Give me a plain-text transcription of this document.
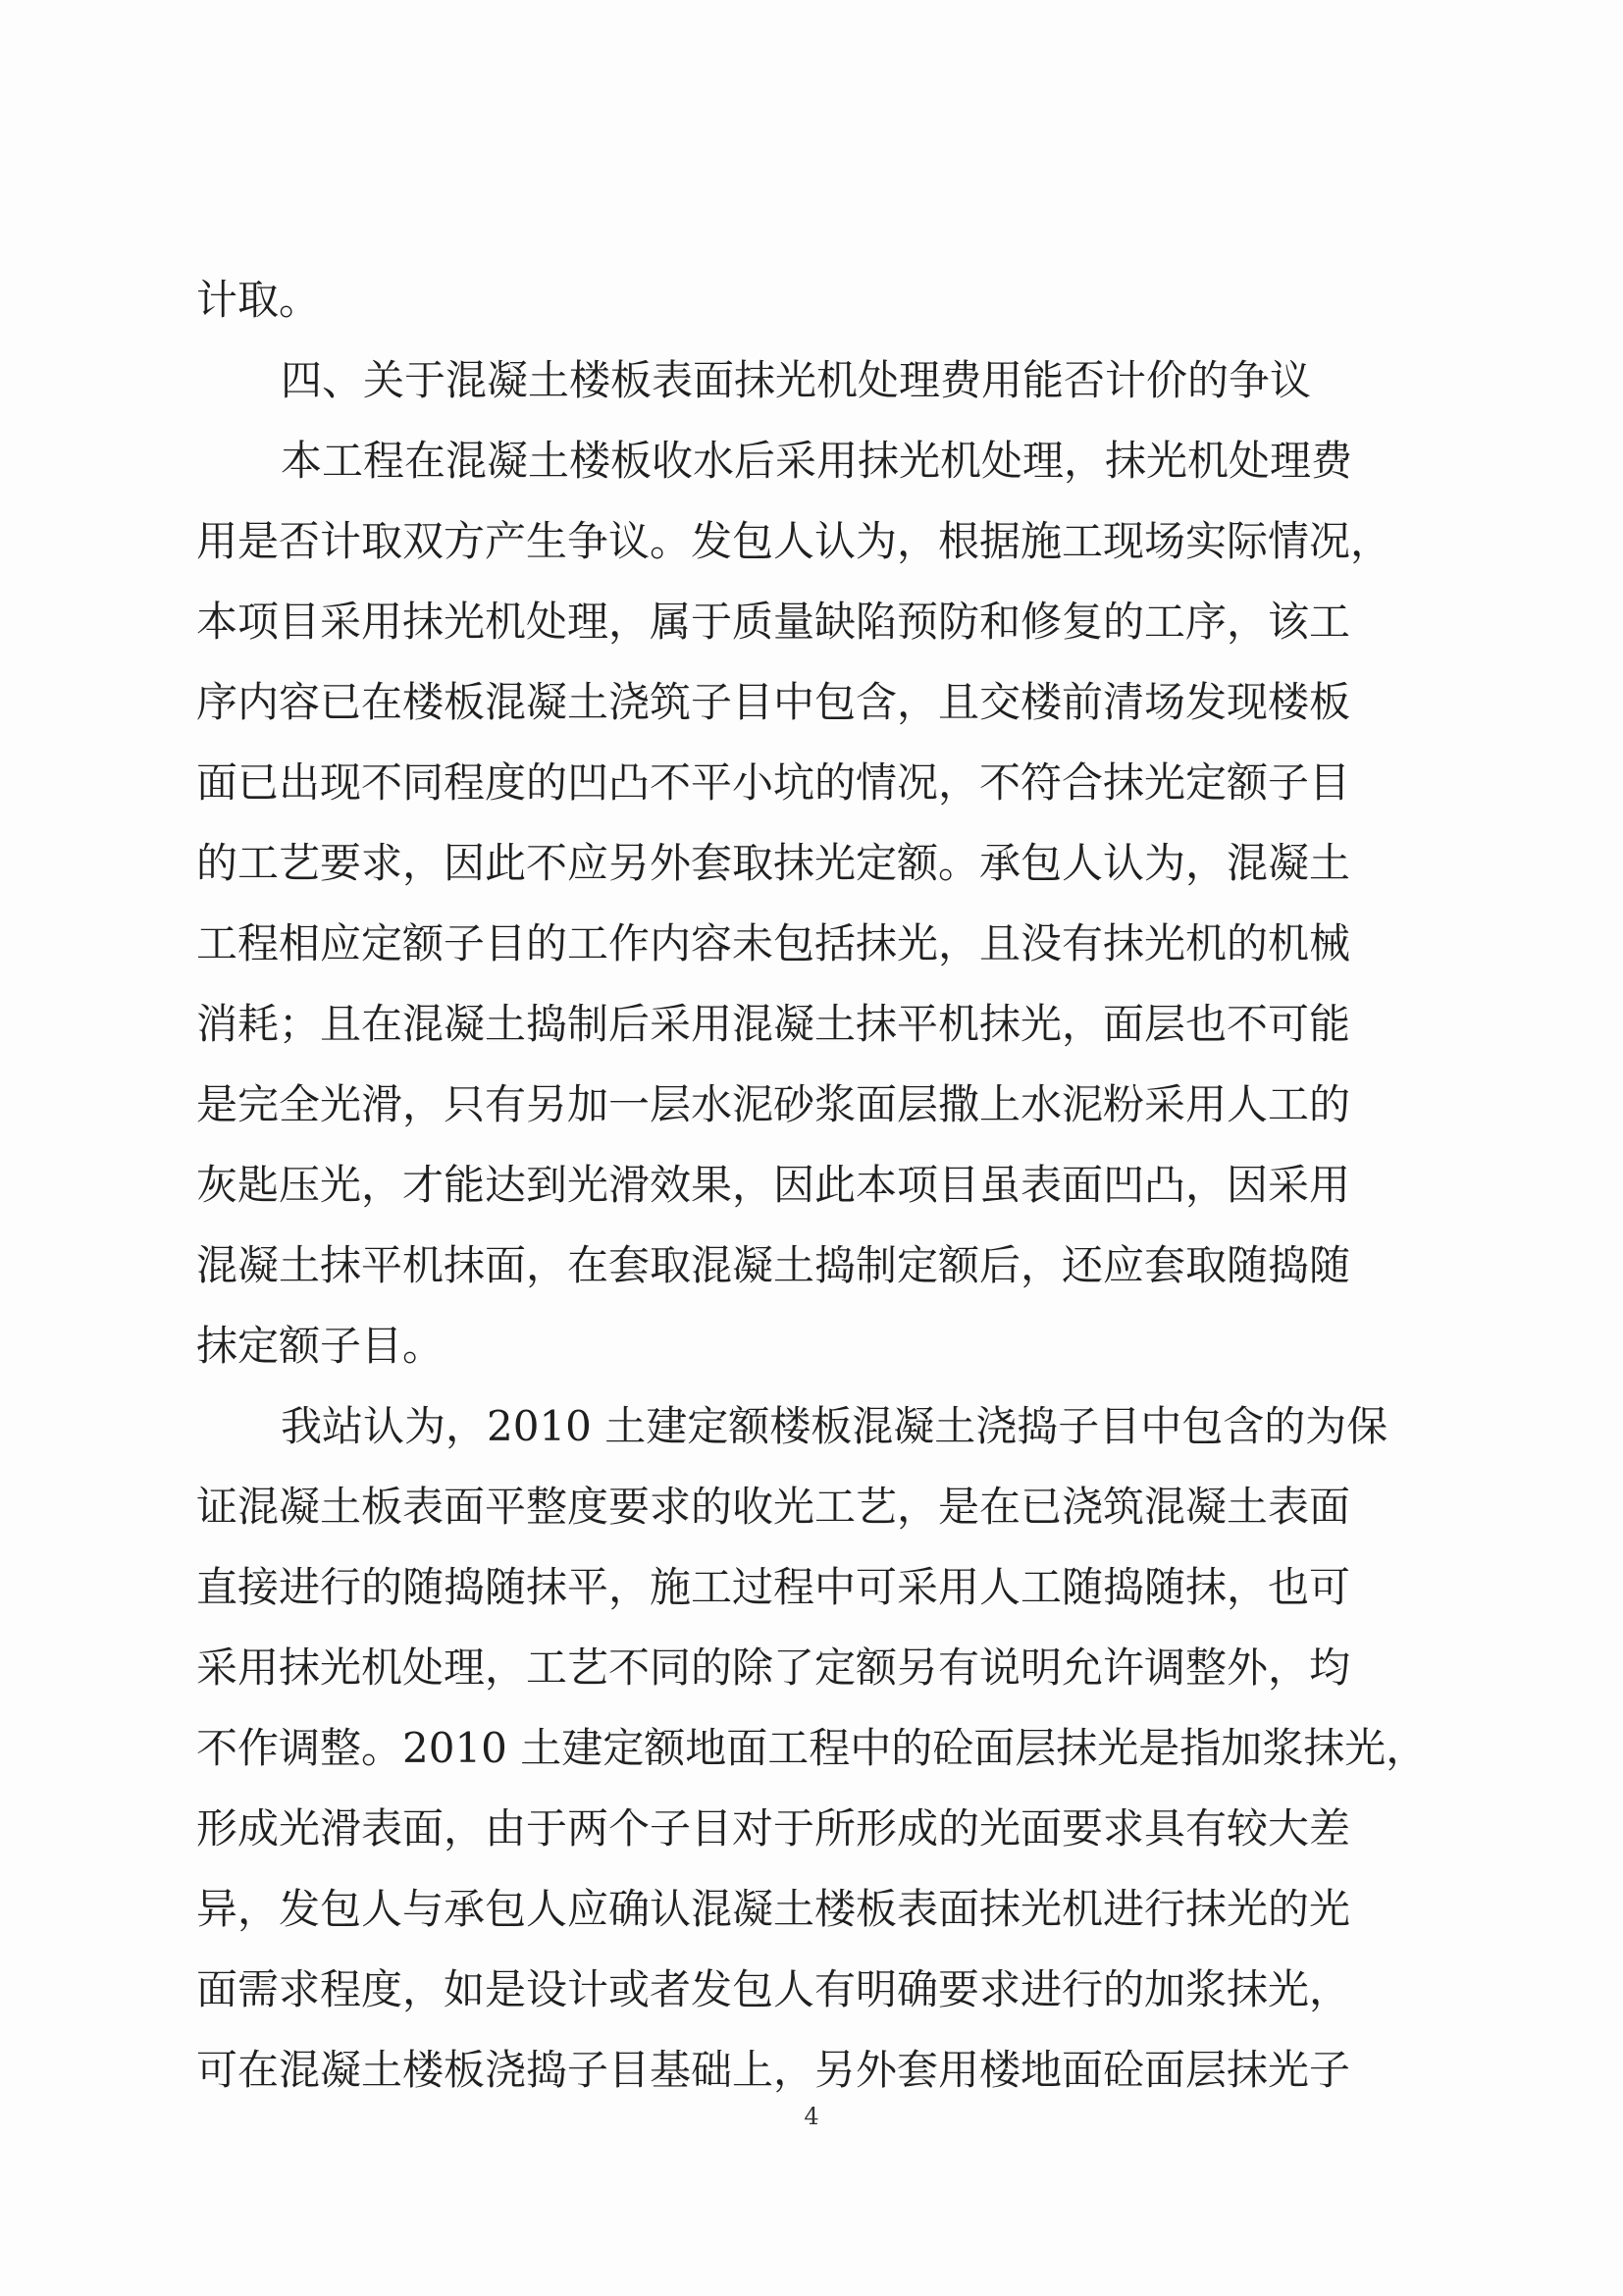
计取。
四、关于混凝土楼板表面抹光机处理费用能否计价的争议
本工程在混凝土楼板收水后采用抹光机处理，抹光机处理费
用是否计取双方产生争议。发包人认为，根据施工现场实际情况，
本项目采用抹光机处理，属于质量缺陷预防和修复的工序，该工
序内容已在楼板混凝土浇筑子目中包含，且交楼前清场发现楼板
面已出现不同程度的凹凸不平小坑的情况，不符合抹光定额子目
的工艺要求，因此不应另外套取抹光定额。承包人认为，混凝土
工程相应定额子目的工作内容未包括抹光，且没有抹光机的机械
消耗；且在混凝土捣制后采用混凝土抹平机抹光，面层也不可能
是完全光滑，只有另加一层水泥砂浆面层撒上水泥粉采用人工的
灰匙压光，才能达到光滑效果，因此本项目虽表面凹凸，因采用
混凝土抹平机抹面，在套取混凝土捣制定额后，还应套取随捣随
抹定额子目。
我站认为，2010 土建定额楼板混凝土浇捣子目中包含的为保
证混凝土板表面平整度要求的收光工艺，是在已浇筑混凝土表面
直接进行的随捣随抹平，施工过程中可采用人工随捣随抹，也可
采用抹光机处理，工艺不同的除了定额另有说明允许调整外，均
不作调整。2010 土建定额地面工程中的砼面层抹光是指加浆抹光，
形成光滑表面，由于两个子目对于所形成的光面要求具有较大差
异，发包人与承包人应确认混凝土楼板表面抹光机进行抹光的光
面需求程度，如是设计或者发包人有明确要求进行的加浆抹光，
可在混凝土楼板浇捣子目基础上，另外套用楼地面砼面层抹光子
4
